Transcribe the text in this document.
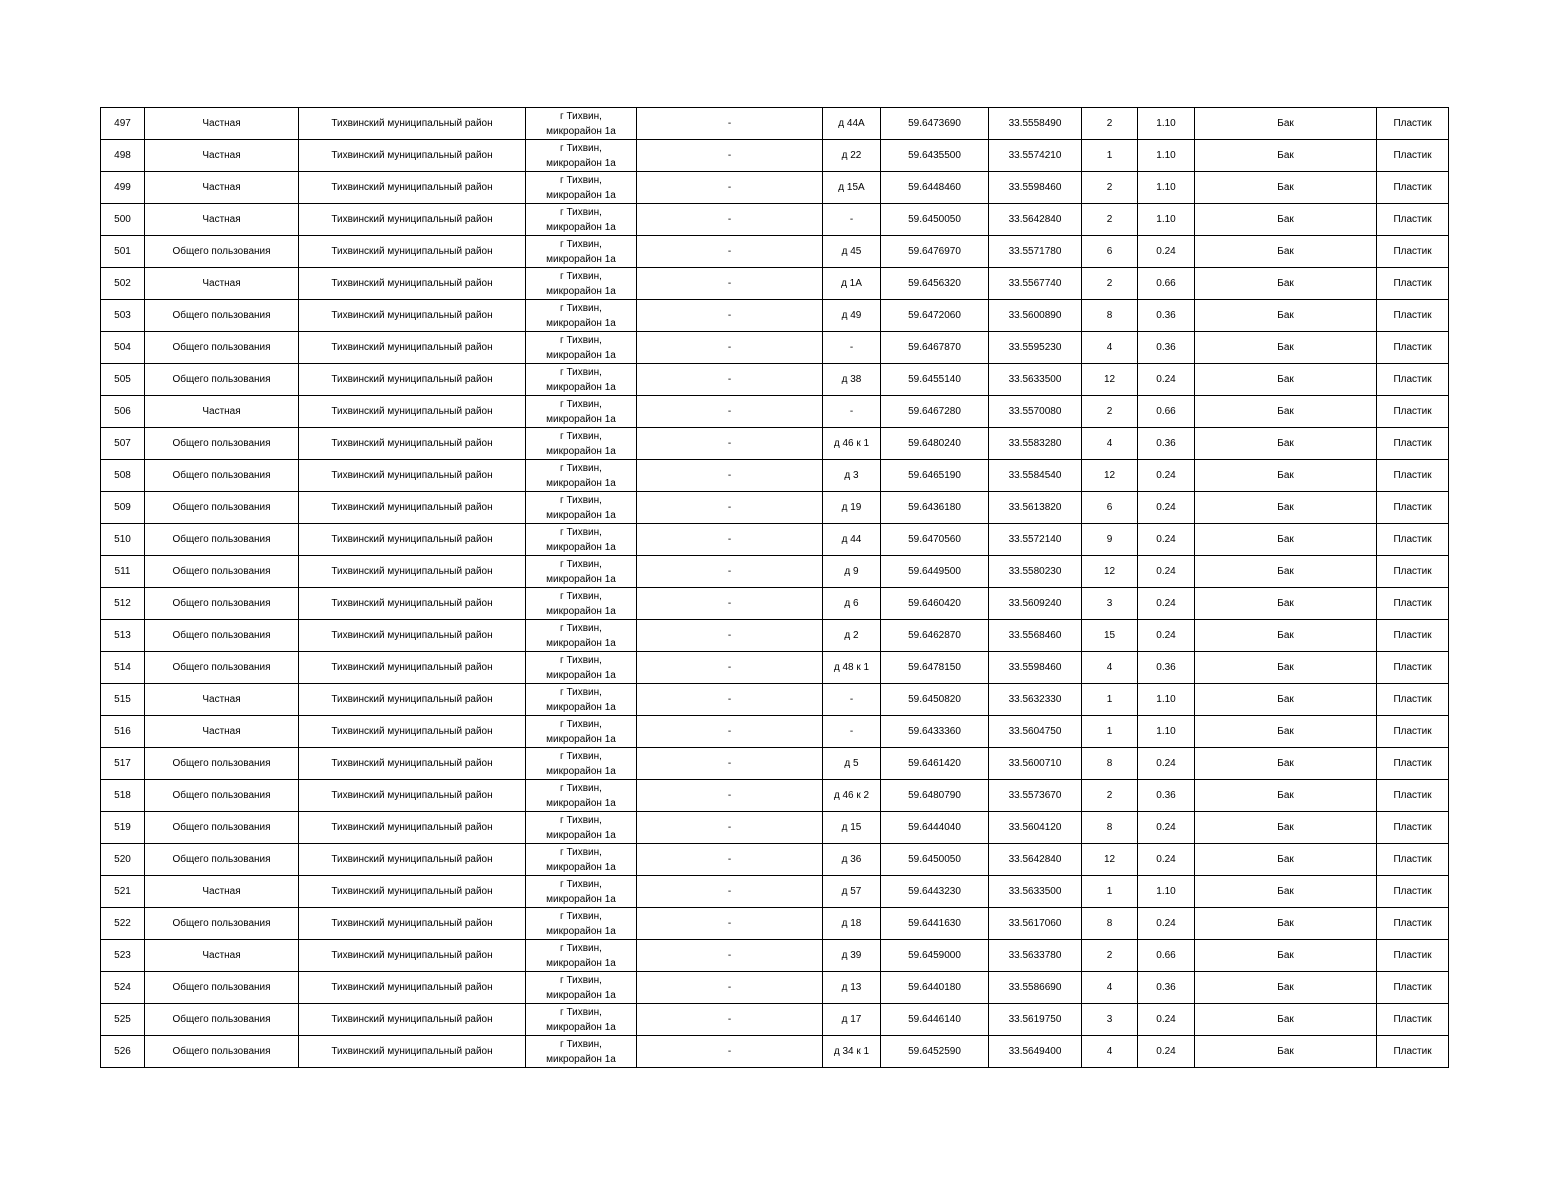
497	Частная	Тихвинский муниципальный район	г Тихвин,
микрорайон 1а	-	д 44А	59.6473690	33.5558490	2	1.10	Бак	Пластик
498	Частная	Тихвинский муниципальный район	г Тихвин,
микрорайон 1а	-	д 22	59.6435500	33.5574210	1	1.10	Бак	Пластик
499	Частная	Тихвинский муниципальный район	г Тихвин,
микрорайон 1а	-	д 15А	59.6448460	33.5598460	2	1.10	Бак	Пластик
500	Частная	Тихвинский муниципальный район	г Тихвин,
микрорайон 1а	-	-	59.6450050	33.5642840	2	1.10	Бак	Пластик
501	Общего пользования	Тихвинский муниципальный район	г Тихвин,
микрорайон 1а	-	д 45	59.6476970	33.5571780	6	0.24	Бак	Пластик
502	Частная	Тихвинский муниципальный район	г Тихвин,
микрорайон 1а	-	д 1А	59.6456320	33.5567740	2	0.66	Бак	Пластик
503	Общего пользования	Тихвинский муниципальный район	г Тихвин,
микрорайон 1а	-	д 49	59.6472060	33.5600890	8	0.36	Бак	Пластик
504	Общего пользования	Тихвинский муниципальный район	г Тихвин,
микрорайон 1а	-	-	59.6467870	33.5595230	4	0.36	Бак	Пластик
505	Общего пользования	Тихвинский муниципальный район	г Тихвин,
микрорайон 1а	-	д 38	59.6455140	33.5633500	12	0.24	Бак	Пластик
506	Частная	Тихвинский муниципальный район	г Тихвин,
микрорайон 1а	-	-	59.6467280	33.5570080	2	0.66	Бак	Пластик
507	Общего пользования	Тихвинский муниципальный район	г Тихвин,
микрорайон 1а	-	д 46 к 1	59.6480240	33.5583280	4	0.36	Бак	Пластик
508	Общего пользования	Тихвинский муниципальный район	г Тихвин,
микрорайон 1а	-	д 3	59.6465190	33.5584540	12	0.24	Бак	Пластик
509	Общего пользования	Тихвинский муниципальный район	г Тихвин,
микрорайон 1а	-	д 19	59.6436180	33.5613820	6	0.24	Бак	Пластик
510	Общего пользования	Тихвинский муниципальный район	г Тихвин,
микрорайон 1а	-	д 44	59.6470560	33.5572140	9	0.24	Бак	Пластик
511	Общего пользования	Тихвинский муниципальный район	г Тихвин,
микрорайон 1а	-	д 9	59.6449500	33.5580230	12	0.24	Бак	Пластик
512	Общего пользования	Тихвинский муниципальный район	г Тихвин,
микрорайон 1а	-	д 6	59.6460420	33.5609240	3	0.24	Бак	Пластик
513	Общего пользования	Тихвинский муниципальный район	г Тихвин,
микрорайон 1а	-	д 2	59.6462870	33.5568460	15	0.24	Бак	Пластик
514	Общего пользования	Тихвинский муниципальный район	г Тихвин,
микрорайон 1а	-	д 48 к 1	59.6478150	33.5598460	4	0.36	Бак	Пластик
515	Частная	Тихвинский муниципальный район	г Тихвин,
микрорайон 1а	-	-	59.6450820	33.5632330	1	1.10	Бак	Пластик
516	Частная	Тихвинский муниципальный район	г Тихвин,
микрорайон 1а	-	-	59.6433360	33.5604750	1	1.10	Бак	Пластик
517	Общего пользования	Тихвинский муниципальный район	г Тихвин,
микрорайон 1а	-	д 5	59.6461420	33.5600710	8	0.24	Бак	Пластик
518	Общего пользования	Тихвинский муниципальный район	г Тихвин,
микрорайон 1а	-	д 46 к 2	59.6480790	33.5573670	2	0.36	Бак	Пластик
519	Общего пользования	Тихвинский муниципальный район	г Тихвин,
микрорайон 1а	-	д 15	59.6444040	33.5604120	8	0.24	Бак	Пластик
520	Общего пользования	Тихвинский муниципальный район	г Тихвин,
микрорайон 1а	-	д 36	59.6450050	33.5642840	12	0.24	Бак	Пластик
521	Частная	Тихвинский муниципальный район	г Тихвин,
микрорайон 1а	-	д 57	59.6443230	33.5633500	1	1.10	Бак	Пластик
522	Общего пользования	Тихвинский муниципальный район	г Тихвин,
микрорайон 1а	-	д 18	59.6441630	33.5617060	8	0.24	Бак	Пластик
523	Частная	Тихвинский муниципальный район	г Тихвин,
микрорайон 1а	-	д 39	59.6459000	33.5633780	2	0.66	Бак	Пластик
524	Общего пользования	Тихвинский муниципальный район	г Тихвин,
микрорайон 1а	-	д 13	59.6440180	33.5586690	4	0.36	Бак	Пластик
525	Общего пользования	Тихвинский муниципальный район	г Тихвин,
микрорайон 1а	-	д 17	59.6446140	33.5619750	3	0.24	Бак	Пластик
526	Общего пользования	Тихвинский муниципальный район	г Тихвин,
микрорайон 1а	-	д 34 к 1	59.6452590	33.5649400	4	0.24	Бак	Пластик
